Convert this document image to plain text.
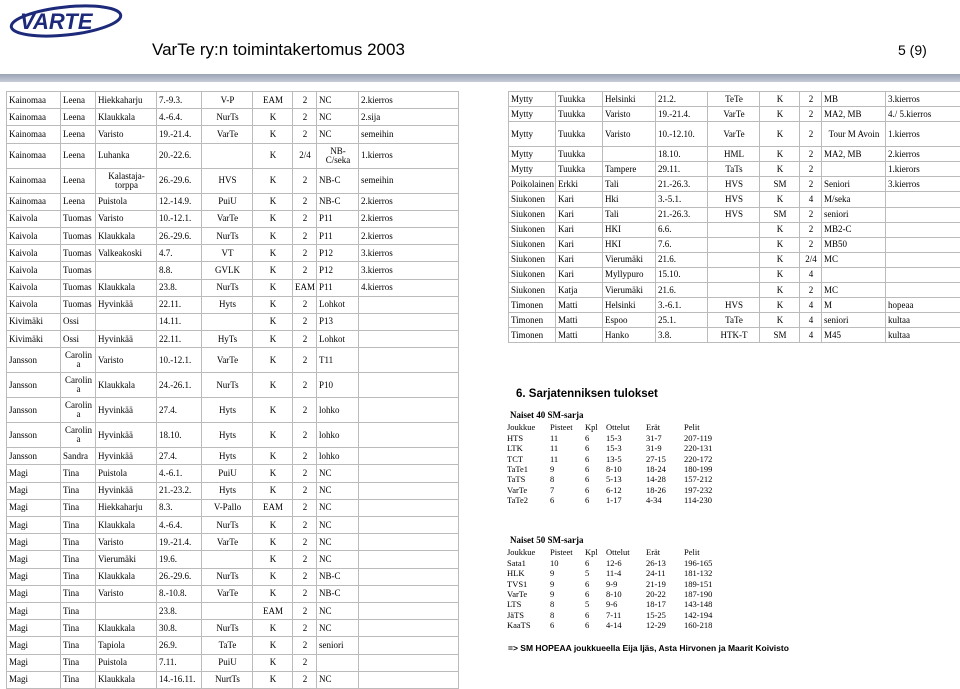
VARTE
VarTe ry:n toimintakertomus 2003	5 (9)
Kainomaa	Leena	Hiekkaharju	7.-9.3.	V-P	EAM	2	NC	2.kierros
Kainomaa	Leena	Klaukkala	4.-6.4.	NurTs	K	2	NC	2.sija
Kainomaa	Leena	Varisto	19.-21.4.	VarTe	K	2	NC	semeihin
Kainomaa	Leena	Luhanka	20.-22.6.		K	2/4	NB- C/seka	1.kierros
Kainomaa	Leena	Kalastaja- torppa	26.-29.6.	HVS	K	2	NB-C	semeihin
Kainomaa	Leena	Puistola	12.-14.9.	PuiU	K	2	NB-C	2.kierros
Kaivola	Tuomas	Varisto	10.-12.1.	VarTe	K	2	P11	2.kierros
Kaivola	Tuomas	Klaukkala	26.-29.6.	NurTs	K	2	P11	2.kierros
Kaivola	Tuomas	Valkeakoski	4.7.	VT	K	2	P12	3.kierros
Kaivola	Tuomas		8.8.	GVLK	K	2	P12	3.kierros
Kaivola	Tuomas	Klaukkala	23.8.	NurTs	K	EAM	P11	4.kierros
Kaivola	Tuomas	Hyvinkää	22.11.	Hyts	K	2	Lohkot	
Kivimäki	Ossi		14.11.		K	2	P13	
Kivimäki	Ossi	Hyvinkää	22.11.	HyTs	K	2	Lohkot	
Jansson	Carolin a	Varisto	10.-12.1.	VarTe	K	2	T11	
Jansson	Carolin a	Klaukkala	24.-26.1.	NurTs	K	2	P10	
Jansson	Carolin a	Hyvinkää	27.4.	Hyts	K	2	lohko	
Jansson	Carolin a	Hyvinkää	18.10.	Hyts	K	2	lohko	
Jansson	Sandra	Hyvinkää	27.4.	Hyts	K	2	lohko	
Magi	Tina	Puistola	4.-6.1.	PuiU	K	2	NC	
Magi	Tina	Hyvinkää	21.-23.2.	Hyts	K	2	NC	
Magi	Tina	Hiekkaharju	8.3.	V-Pallo	EAM	2	NC	
Magi	Tina	Klaukkala	4.-6.4.	NurTs	K	2	NC	
Magi	Tina	Varisto	19.-21.4.	VarTe	K	2	NC	
Magi	Tina	Vierumäki	19.6.		K	2	NC	
Magi	Tina	Klaukkala	26.-29.6.	NurTs	K	2	NB-C	
Magi	Tina	Varisto	8.-10.8.	VarTe	K	2	NB-C	
Magi	Tina		23.8.		EAM	2	NC	
Magi	Tina	Klaukkala	30.8.	NurTs	K	2	NC	
Magi	Tina	Tapiola	26.9.	TaTe	K	2	seniori	
Magi	Tina	Puistola	7.11.	PuiU	K	2		
Magi	Tina	Klaukkala	14.-16.11.	NurtTs	K	2	NC	
Mytty	Tuukka	Helsinki	21.2.	TeTe	K	2	MB	3.kierros
Mytty	Tuukka	Varisto	19.-21.4.	VarTe	K	2	MA2, MB	4./ 5.kierros
Mytty	Tuukka	Varisto	10.-12.10.	VarTe	K	2	Tour M Avoin	1.kierros
Mytty	Tuukka		18.10.	HML	K	2	MA2, MB	2.kierros
Mytty	Tuukka	Tampere	29.11.	TaTs	K	2		1.kierors
Poikolainen	Erkki	Tali	21.-26.3.	HVS	SM	2	Seniori	3.kierros
Siukonen	Kari	Hki	3.-5.1.	HVS	K	4	M/seka	
Siukonen	Kari	Tali	21.-26.3.	HVS	SM	2	seniori	
Siukonen	Kari	HKI	6.6.		K	2	MB2-C	
Siukonen	Kari	HKI	7.6.		K	2	MB50	
Siukonen	Kari	Vierumäki	21.6.		K	2/4	MC	
Siukonen	Kari	Myllypuro	15.10.		K	4		
Siukonen	Katja	Vierumäki	21.6.		K	2	MC	
Timonen	Matti	Helsinki	3.-6.1.	HVS	K	4	M	hopeaa
Timonen	Matti	Espoo	25.1.	TaTe	K	4	seniori	kultaa
Timonen	Matti	Hanko	3.8.	HTK-T	SM	4	M45	kultaa
6. Sarjatenniksen tulokset
Naiset 40 SM-sarja
Joukkue	Pisteet	Kpl	Ottelut	Erät	Pelit
HTS	11	6	15-3	31-7	207-119
LTK	11	6	15-3	31-9	220-131
TCT	11	6	13-5	27-15	220-172
TaTe1	9	6	8-10	18-24	180-199
TaTS	8	6	5-13	14-28	157-212
VarTe	7	6	6-12	18-26	197-232
TaTe2	6	6	1-17	4-34	114-230
Naiset 50 SM-sarja
Joukkue	Pisteet	Kpl	Ottelut	Erät	Pelit
Sata1	10	6	12-6	26-13	196-165
HLK	9	5	11-4	24-11	181-132
TVS1	9	6	9-9	21-19	189-151
VarTe	9	6	8-10	20-22	187-190
LTS	8	5	9-6	18-17	143-148
JäTS	8	6	7-11	15-25	142-194
KaaTS	6	6	4-14	12-29	160-218
=> SM HOPEAA joukkueella Eija Ijäs, Asta Hirvonen ja Maarit Koivisto
